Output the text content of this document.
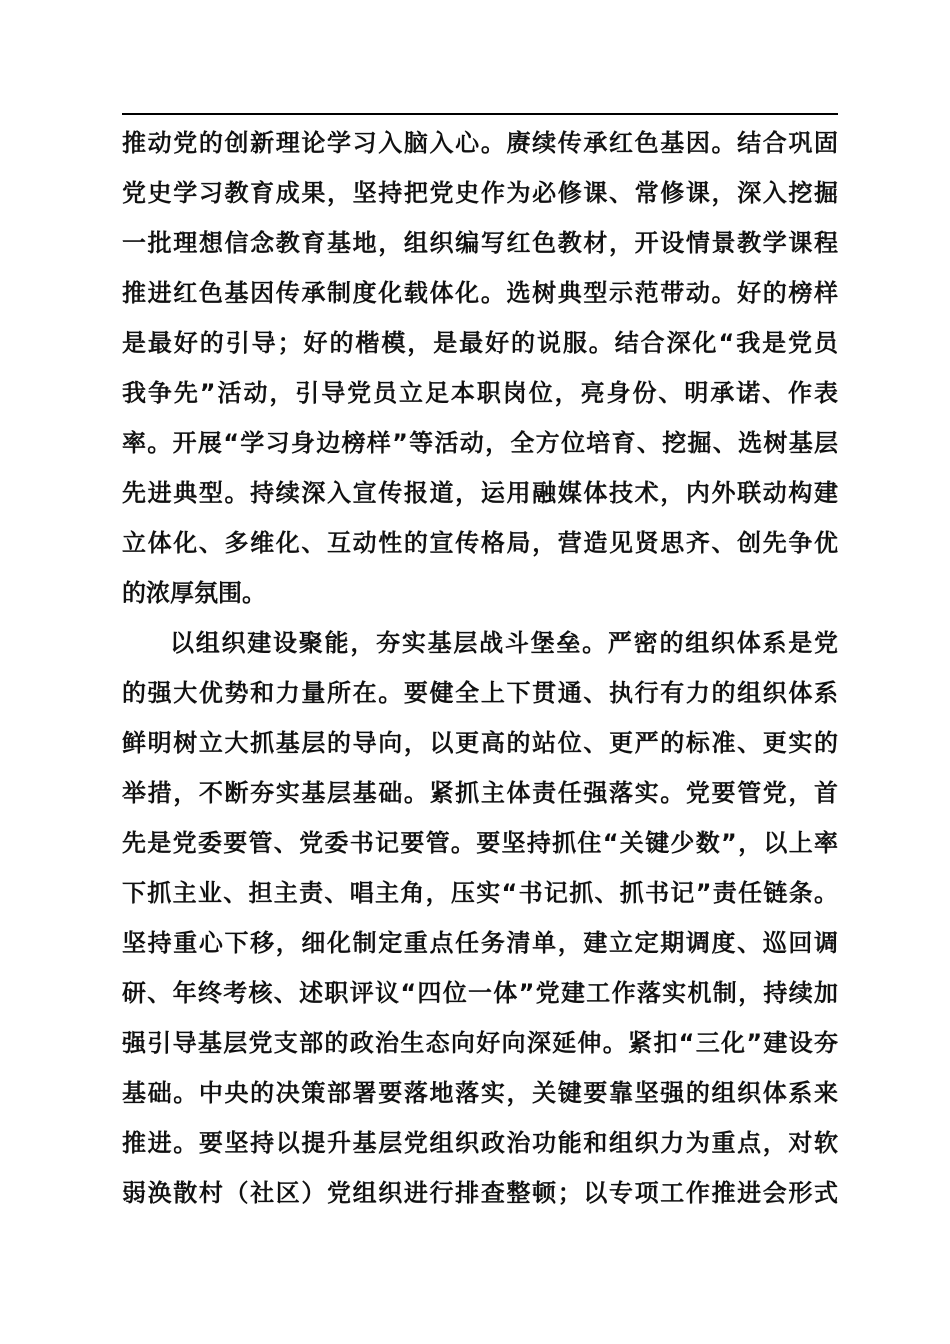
推动党的创新理论学习入脑入心。赓续传承红色基因。结合巩固
党史学习教育成果，坚持把党史作为必修课、常修课，深入挖掘
一批理想信念教育基地，组织编写红色教材，开设情景教学课程
推进红色基因传承制度化载体化。选树典型示范带动。好的榜样
是最好的引导；好的楷模，是最好的说服。结合深化“我是党员
我争先”活动，引导党员立足本职岗位，亮身份、明承诺、作表
率。开展“学习身边榜样”等活动，全方位培育、挖掘、选树基层
先进典型。持续深入宣传报道，运用融媒体技术，内外联动构建
立体化、多维化、互动性的宣传格局，营造见贤思齐、创先争优
的浓厚氛围。
以组织建设聚能，夯实基层战斗堡垒。严密的组织体系是党
的强大优势和力量所在。要健全上下贯通、执行有力的组织体系
鲜明树立大抓基层的导向，以更高的站位、更严的标准、更实的
举措，不断夯实基层基础。紧抓主体责任强落实。党要管党，首
先是党委要管、党委书记要管。要坚持抓住“关键少数”，以上率
下抓主业、担主责、唱主角，压实“书记抓、抓书记”责任链条。
坚持重心下移，细化制定重点任务清单，建立定期调度、巡回调
研、年终考核、述职评议“四位一体”党建工作落实机制，持续加
强引导基层党支部的政治生态向好向深延伸。紧扣“三化”建设夯
基础。中央的决策部署要落地落实，关键要靠坚强的组织体系来
推进。要坚持以提升基层党组织政治功能和组织力为重点，对软
弱涣散村（社区）党组织进行排查整顿；以专项工作推进会形式
